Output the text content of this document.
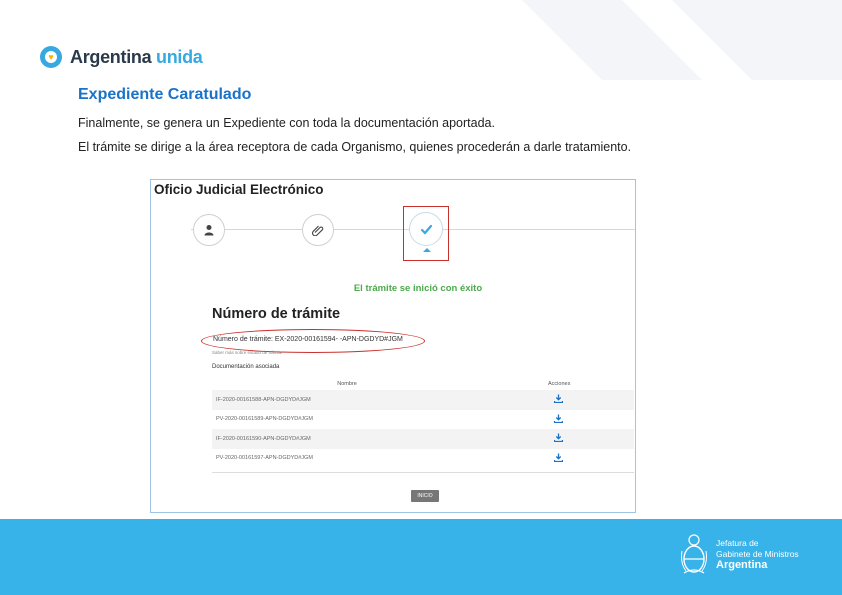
♥ Argentina unida
Expediente Caratulado
Finalmente, se genera un Expediente con toda la documentación aportada.
El trámite se dirige a la área receptora de cada Organismo, quienes procederán a darle tratamiento.
Oficio Judicial Electrónico
El trámite se inició con éxito
Número de trámite
Número de trámite: EX-2020-00161594- -APN-DGDYD#JGM
Saber más sobre estado de trámite
Documentación asociada
Nombre	Acciones
IF-2020-00161588-APN-DGDYD#JGM
PV-2020-00161589-APN-DGDYD#JGM
IF-2020-00161590-APN-DGDYD#JGM
PV-2020-00161597-APN-DGDYD#JGM
INICIO
Jefatura de
Gabinete de Ministros
Argentina
